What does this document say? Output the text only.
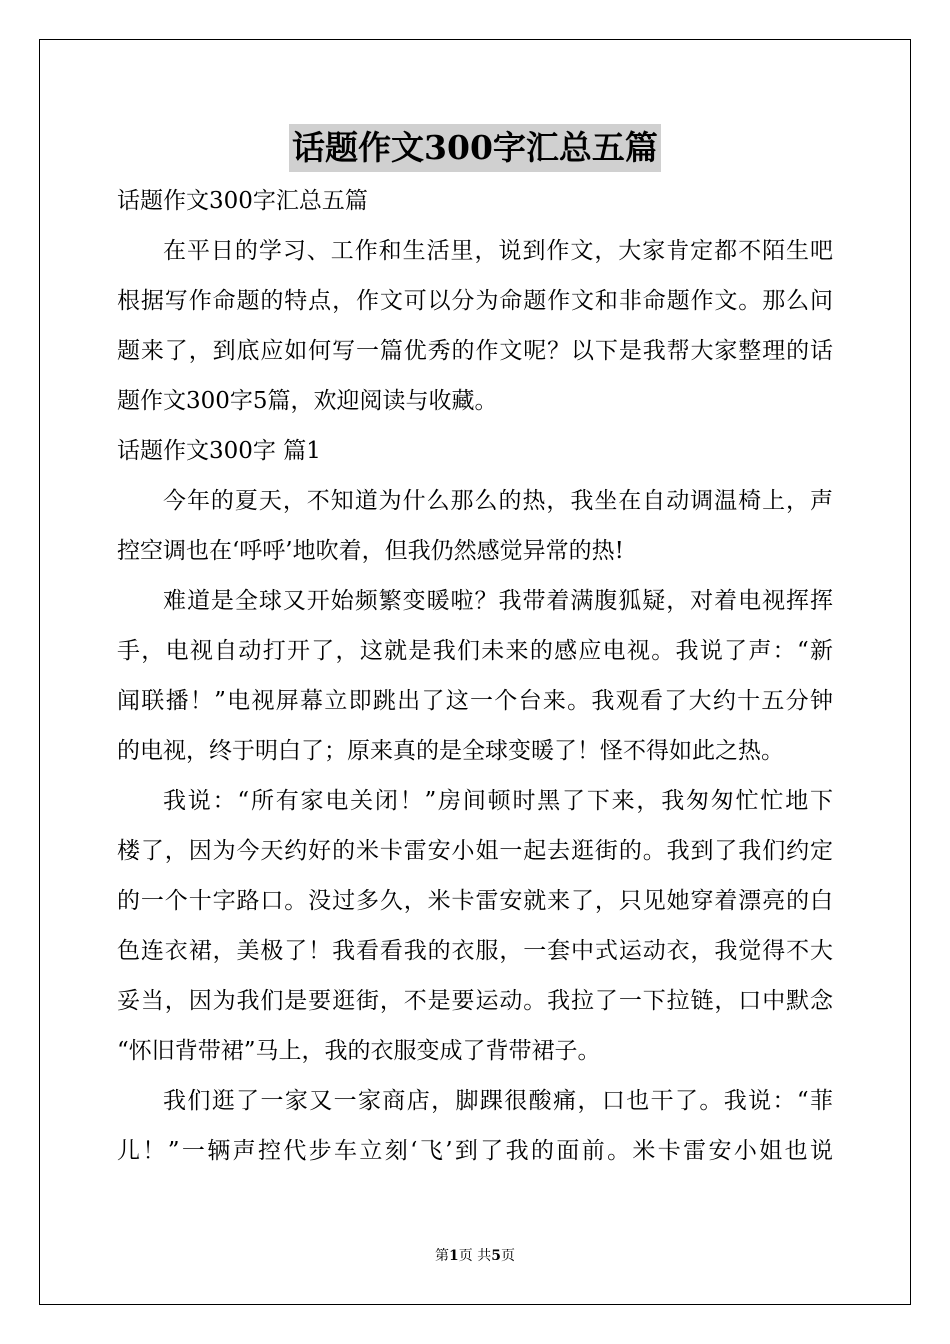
话题作文300字汇总五篇
话题作文300字汇总五篇
在平日的学习、工作和生活里，说到作文，大家肯定都不陌生吧
根据写作命题的特点，作文可以分为命题作文和非命题作文。那么问
题来了，到底应如何写一篇优秀的作文呢？以下是我帮大家整理的话
题作文300字5篇，欢迎阅读与收藏。
话题作文300字 篇1
今年的夏天，不知道为什么那么的热，我坐在自动调温椅上，声
控空调也在‘呼呼’地吹着，但我仍然感觉异常的热!
难道是全球又开始频繁变暖啦？我带着满腹狐疑，对着电视挥挥
手，电视自动打开了，这就是我们未来的感应电视。我说了声：“新
闻联播！”电视屏幕立即跳出了这一个台来。我观看了大约十五分钟
的电视，终于明白了；原来真的是全球变暖了！怪不得如此之热。
我说：“所有家电关闭！”房间顿时黑了下来，我匆匆忙忙地下
楼了，因为今天约好的米卡雷安小姐一起去逛街的。我到了我们约定
的一个十字路口。没过多久，米卡雷安就来了，只见她穿着漂亮的白
色连衣裙，美极了！我看看我的衣服，一套中式运动衣，我觉得不大
妥当，因为我们是要逛街，不是要运动。我拉了一下拉链，口中默念
“怀旧背带裙”马上，我的衣服变成了背带裙子。
我们逛了一家又一家商店，脚踝很酸痛，口也干了。我说：“菲
儿！”一辆声控代步车立刻‘飞’到了我的面前。米卡雷安小姐也说
第1页 共5页
